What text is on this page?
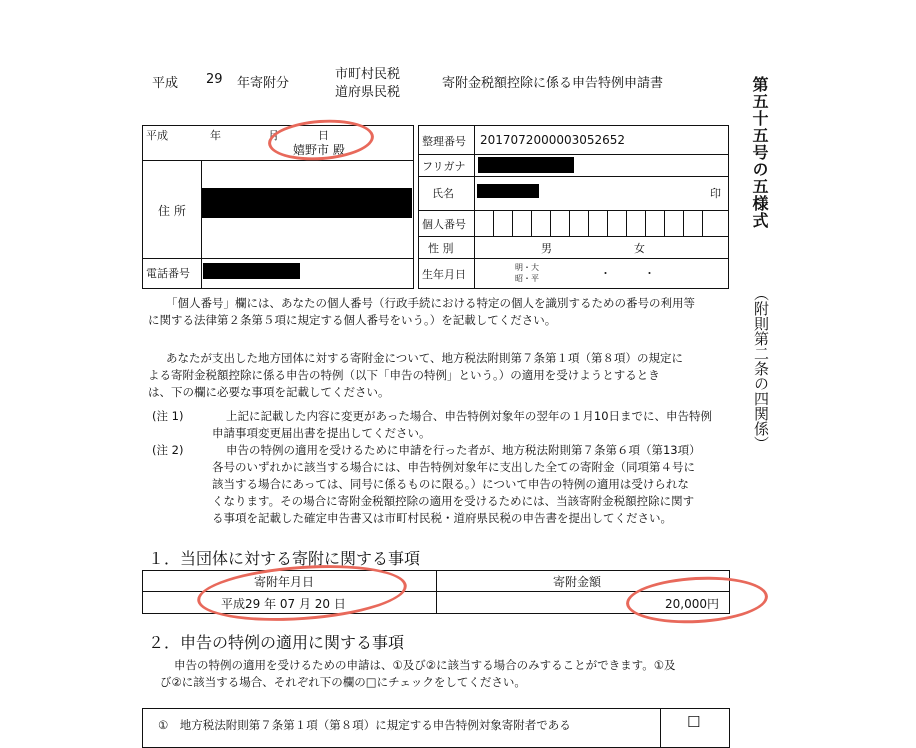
平成 29 年寄附分
市町村民税
道府県民税
寄附金税額控除に係る申告特例申請書	第五十五号の五様式
（附則第二条の四関係）
平成	年	月	日
嬉野市 殿
住 所
電話番号
整理番号 201707200000305265​2
フリガナ
氏名	印
個人番号
性 別	男	女
生年月日
明・大
昭・平	・　　　・
「個人番号」欄には、あなたの個人番号（行政手続における特定の個人を識別するための番号の利用等
に関する法律第２条第５項に規定する個人番号をいう。）を記載してください。
あなたが支出した地方団体に対する寄附金について、地方税法附則第７条第１項（第８項）の規定に
よる寄附金税額控除に係る申告の特例（以下「申告の特例」という。）の適用を受けようとするとき
は、下の欄に必要な事項を記載してください。
(注 1)	上記に記載した内容に変更があった場合、申告特例対象年の翌年の１月10日までに、申告特例
申請事項変更届出書を提出してください。
(注 2)	申告の特例の適用を受けるために申請を行った者が、地方税法附則第７条第６項（第13項）
各号のいずれかに該当する場合には、申告特例対象年に支出した全ての寄附金（同項第４号に
該当する場合にあっては、同号に係るものに限る。）について申告の特例の適用は受けられな
くなります。その場合に寄附金税額控除の適用を受けるためには、当該寄附金税額控除に関す
る事項を記載した確定申告書又は市町村民税・道府県民税の申告書を提出してください。
１．当団体に対する寄附に関する事項
寄附年月日	寄附金額
平成29 年 07 月 20 日	20,000円
２．申告の特例の適用に関する事項
申告の特例の適用を受けるための申請は、①及び②に該当する場合のみすることができます。①及
び②に該当する場合、それぞれ下の欄の□にチェックをしてください。
①　地方税法附則第７条第１項（第８項）に規定する申告特例対象寄附者である	☐
